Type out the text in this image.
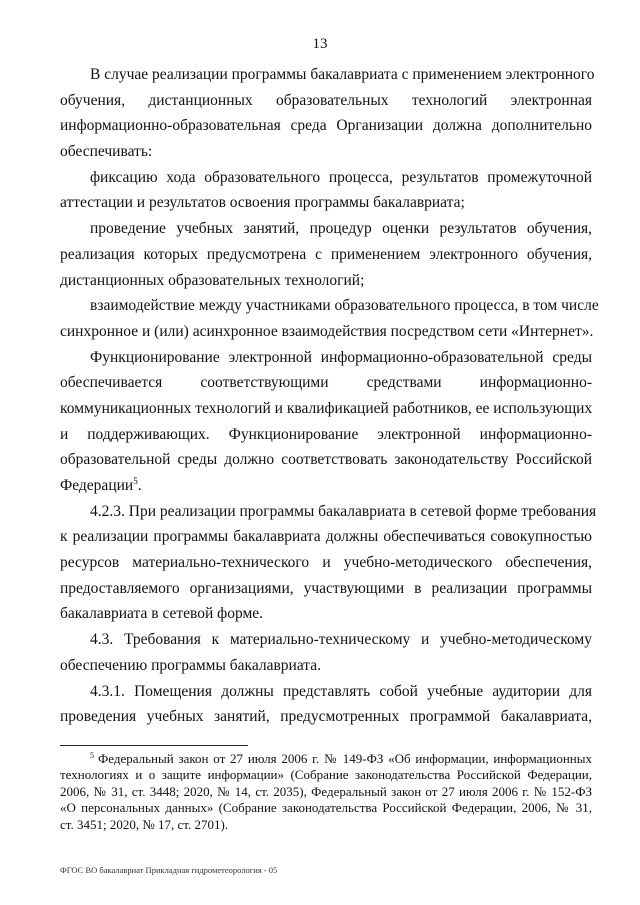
13
В случае реализации программы бакалавриата с применением электронного
обучения, дистанционных образовательных технологий электронная
информационно-образовательная среда Организации должна дополнительно
обеспечивать:
фиксацию хода образовательного процесса, результатов промежуточной
аттестации и результатов освоения программы бакалавриата;
проведение учебных занятий, процедур оценки результатов обучения,
реализация которых предусмотрена с применением электронного обучения,
дистанционных образовательных технологий;
взаимодействие между участниками образовательного процесса, в том числе
синхронное и (или) асинхронное взаимодействия посредством сети «Интернет».
Функционирование электронной информационно-образовательной среды
обеспечивается соответствующими средствами информационно-
коммуникационных технологий и квалификацией работников, ее использующих
и поддерживающих. Функционирование электронной информационно-
образовательной среды должно соответствовать законодательству Российской
Федерации$^5$.
4.2.3. При реализации программы бакалавриата в сетевой форме требования
к реализации программы бакалавриата должны обеспечиваться совокупностью
ресурсов материально-технического и учебно-методического обеспечения,
предоставляемого организациями, участвующими в реализации программы
бакалавриата в сетевой форме.
4.3. Требования к материально-техническому и учебно-методическому
обеспечению программы бакалавриата.
4.3.1. Помещения должны представлять собой учебные аудитории для
проведения учебных занятий, предусмотренных программой бакалавриата,
$^5$ Федеральный закон от 27 июля 2006 г. № 149-ФЗ «Об информации, информационных
технологиях и о защите информации» (Собрание законодательства Российской Федерации,
2006, № 31, ст. 3448; 2020, № 14, ст. 2035), Федеральный закон от 27 июля 2006 г. № 152-ФЗ
«О персональных данных» (Собрание законодательства Российской Федерации, 2006, № 31,
ст. 3451; 2020, № 17, ст. 2701).
ФГОС ВО бакалавриат Прикладная гидрометеорология - 05
